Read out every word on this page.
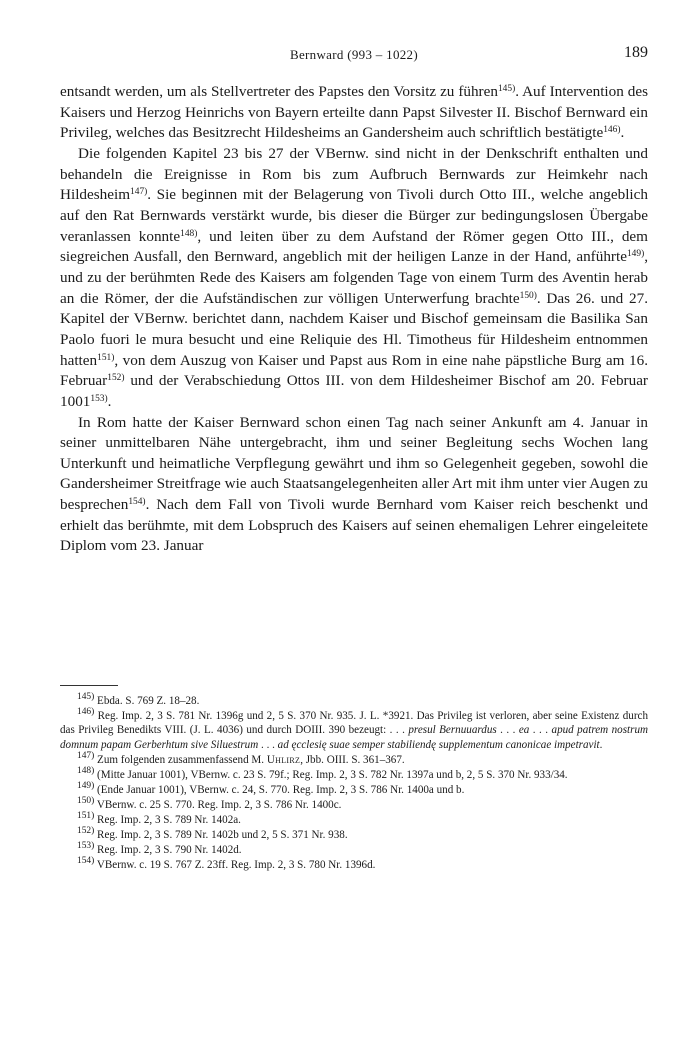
Bernward (993 – 1022)	189

entsandt werden, um als Stellvertreter des Papstes den Vorsitz zu führen$^{145)}$. Auf Intervention des Kaisers und Herzog Heinrichs von Bayern erteilte dann Papst Silvester II. Bischof Bernward ein Privileg, welches das Besitzrecht Hildesheims an Gandersheim auch schriftlich bestätigte$^{146)}$.

Die folgenden Kapitel 23 bis 27 der VBernw. sind nicht in der Denkschrift enthalten und behandeln die Ereignisse in Rom bis zum Aufbruch Bernwards zur Heimkehr nach Hildesheim$^{147)}$. Sie beginnen mit der Belagerung von Tivoli durch Otto III., welche angeblich auf den Rat Bernwards verstärkt wurde, bis dieser die Bürger zur bedingungslosen Übergabe veranlassen konnte$^{148)}$, und leiten über zu dem Aufstand der Römer gegen Otto III., dem siegreichen Ausfall, den Bernward, angeblich mit der heiligen Lanze in der Hand, anführte$^{149)}$, und zu der berühmten Rede des Kaisers am folgenden Tage von einem Turm des Aventin herab an die Römer, der die Aufständischen zur völligen Unterwerfung brachte$^{150)}$. Das 26. und 27. Kapitel der VBernw. berichtet dann, nachdem Kaiser und Bischof gemeinsam die Basilika San Paolo fuori le mura besucht und eine Reliquie des Hl. Timotheus für Hildesheim entnommen hatten$^{151)}$, von dem Auszug von Kaiser und Papst aus Rom in eine nahe päpstliche Burg am 16. Februar$^{152)}$ und der Verabschiedung Ottos III. von dem Hildesheimer Bischof am 20. Februar 1001$^{153)}$.

In Rom hatte der Kaiser Bernward schon einen Tag nach seiner Ankunft am 4. Januar in seiner unmittelbaren Nähe untergebracht, ihm und seiner Begleitung sechs Wochen lang Unterkunft und heimatliche Verpflegung gewährt und ihm so Gelegenheit gegeben, sowohl die Gandersheimer Streitfrage wie auch Staatsangelegenheiten aller Art mit ihm unter vier Augen zu besprechen$^{154)}$. Nach dem Fall von Tivoli wurde Bernhard vom Kaiser reich beschenkt und erhielt das berühmte, mit dem Lobspruch des Kaisers auf seinen ehemaligen Lehrer eingeleitete Diplom vom 23. Januar

$^{145)}$ Ebda. S. 769 Z. 18–28.
$^{146)}$ Reg. Imp. 2, 3 S. 781 Nr. 1396g und 2, 5 S. 370 Nr. 935. J. L. *3921. Das Privileg ist verloren, aber seine Existenz durch das Privileg Benedikts VIII. (J. L. 4036) und durch DOIII. 390 bezeugt: . . . presul Bernuuardus . . . ea . . . apud patrem nostrum domnum papam Gerberhtum sive Siluestrum . . . ad ęcclesię suae semper stabiliendę supplementum canonicae impetravit.
$^{147)}$ Zum folgenden zusammenfassend M. Uhlirz, Jbb. OIII. S. 361–367.
$^{148)}$ (Mitte Januar 1001), VBernw. c. 23 S. 79f.; Reg. Imp. 2, 3 S. 782 Nr. 1397a und b, 2, 5 S. 370 Nr. 933/34.
$^{149)}$ (Ende Januar 1001), VBernw. c. 24, S. 770. Reg. Imp. 2, 3 S. 786 Nr. 1400a und b.
$^{150)}$ VBernw. c. 25 S. 770. Reg. Imp. 2, 3 S. 786 Nr. 1400c.
$^{151)}$ Reg. Imp. 2, 3 S. 789 Nr. 1402a.
$^{152)}$ Reg. Imp. 2, 3 S. 789 Nr. 1402b und 2, 5 S. 371 Nr. 938.
$^{153)}$ Reg. Imp. 2, 3 S. 790 Nr. 1402d.
$^{154)}$ VBernw. c. 19 S. 767 Z. 23ff. Reg. Imp. 2, 3 S. 780 Nr. 1396d.
